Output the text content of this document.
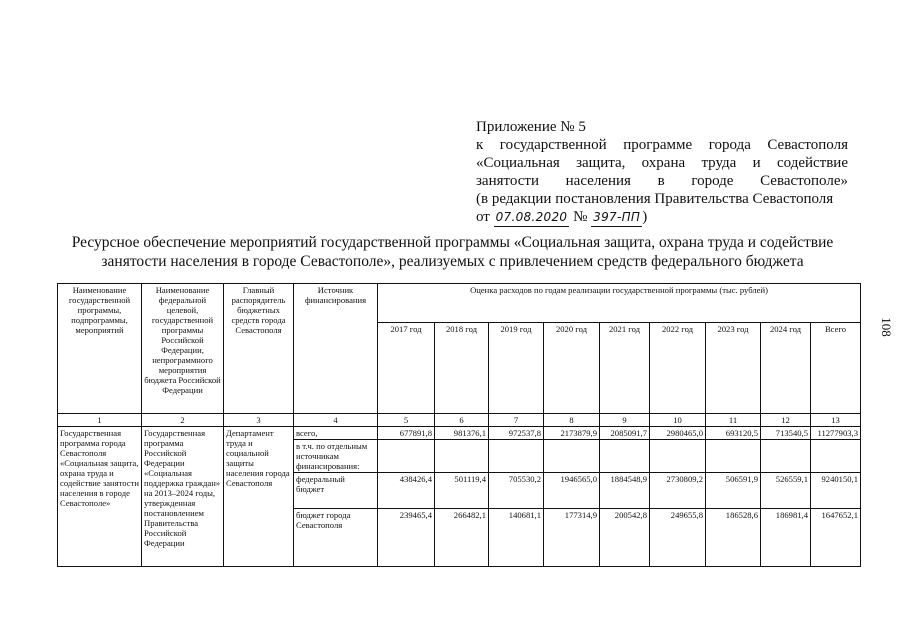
Приложение № 5
к государственной программе города Севастополя
«Социальная защита, охрана труда и содействие
занятости населения в городе Севастополе»
(в редакции постановления Правительства Севастополя
от 07.08.2020 № 397-ПП )
Ресурсное обеспечение мероприятий государственной программы «Социальная защита, охрана труда и содействие
занятости населения в городе Севастополе», реализуемых с привлечением средств федерального бюджета
108
Наименование государственной программы, подпрограммы, мероприятий	Наименование федеральной целевой, государственной программы Российской Федерации, непрограммного мероприятия бюджета Российской Федерации	Главный распорядитель бюджетных средств города Севастополя	Источник финансирования	Оценка расходов по годам реализации государственной программы (тыс. рублей)								
				2017 год	2018 год	2019 год	2020 год	2021 год	2022 год	2023 год	2024 год	Всего
1	2	3	4	5	6	7	8	9	10	11	12	13
Государственная программа города Севастополя «Социальная защита, охрана труда и содействие занятости населения в городе Севастополе»	Государственная программа Российской Федерации «Социальная поддержка граждан» на 2013–2024 годы, утвержденная постановлением Правительства Российской Федерации	Департамент труда и социальной защиты населения города Севастополя	всего,	677891,8	981376,1	972537,8	2173879,9	2085091,7	2980465,0	693120,5	713540,5	11277903,3
			в т.ч. по отдельным источникам финансирования:									
			федеральный бюджет	438426,4	501119,4	705530,2	1946565,0	1884548,9	2730809,2	506591,9	526559,1	9240150,1
			бюджет города Севастополя	239465,4	266482,1	140681,1	177314,9	200542,8	249655,8	186528,6	186981,4	1647652,1
